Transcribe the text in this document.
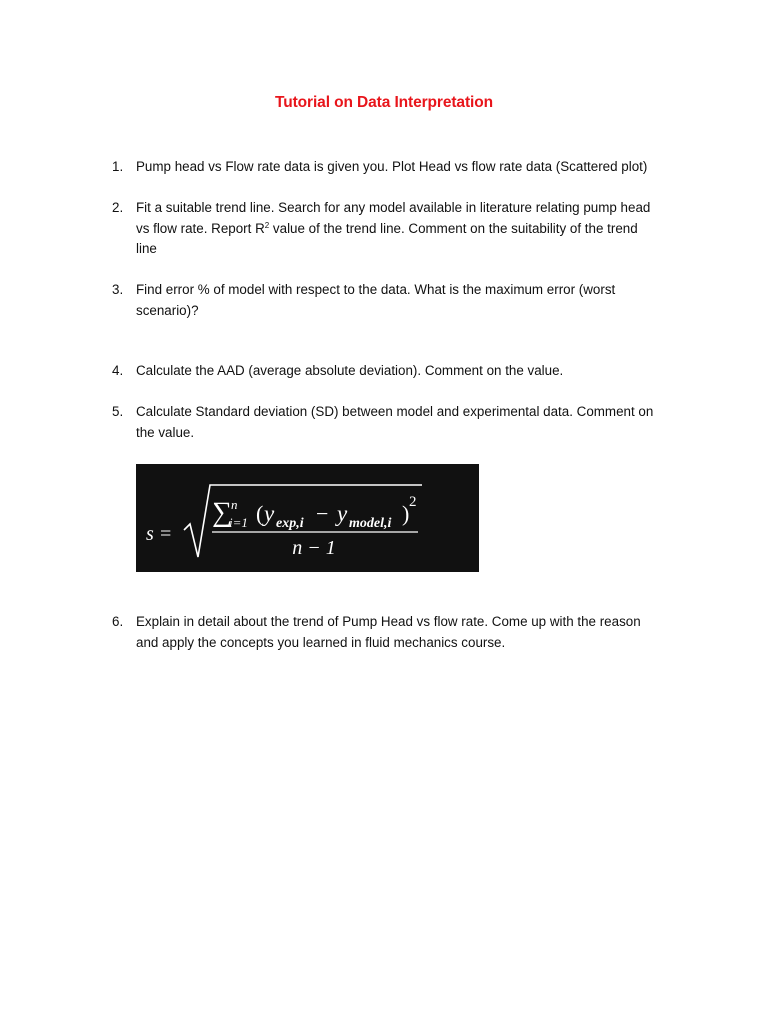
Tutorial on Data Interpretation
1. Pump head vs Flow rate data is given you. Plot Head vs flow rate data (Scattered plot)
2. Fit a suitable trend line. Search for any model available in literature relating pump head
vs flow rate. Report $R^2$ value of the trend line. Comment on the suitability of the trend
line
3. Find error % of model with respect to the data. What is the maximum error (worst
scenario)?
4. Calculate the AAD (average absolute deviation). Comment on the value.
5. Calculate Standard deviation (SD) between model and experimental data. Comment on
the value.
s =
∑ n
i=1 ( y exp,i − y model,i ) 2
n − 1
6. Explain in detail about the trend of Pump Head vs flow rate. Come up with the reason
and apply the concepts you learned in fluid mechanics course.
